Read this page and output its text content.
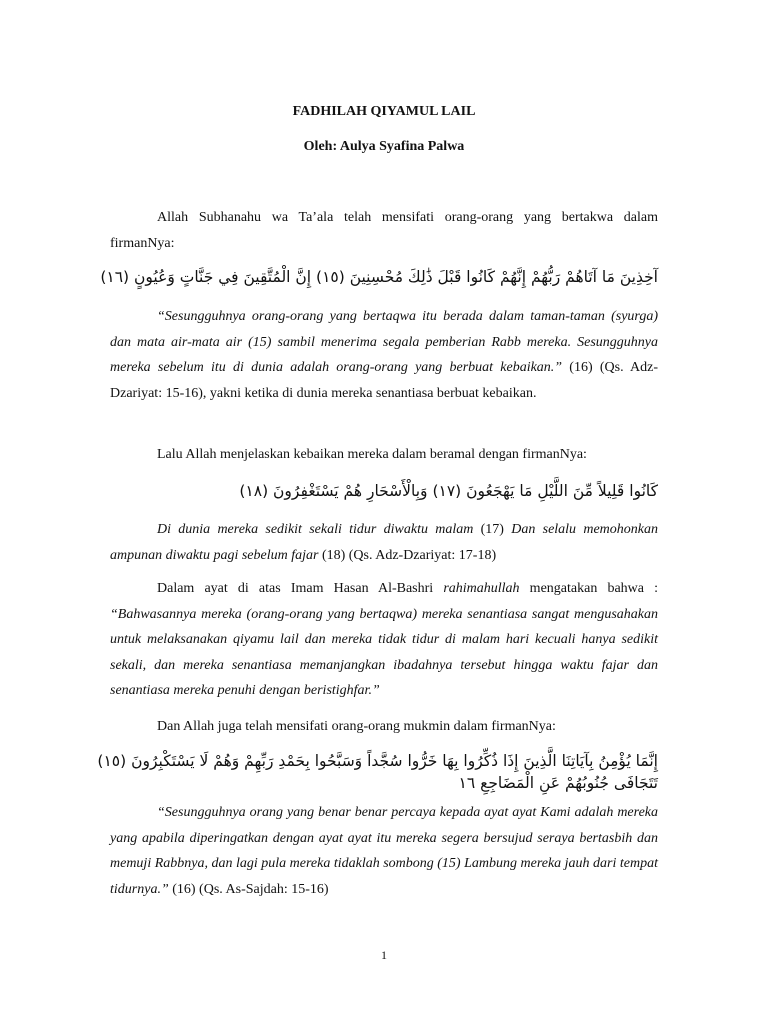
FADHILAH QIYAMUL LAIL
Oleh: Aulya Syafina Palwa
Allah Subhanahu wa Ta’ala telah mensifati orang-orang yang bertakwa dalam firmanNya:
آخِذِينَ مَا آتَاهُمْ رَبُّهُمْ إِنَّهُمْ كَانُوا قَبْلَ ذَٰلِكَ مُحْسِنِينَ (١٥) إِنَّ الْمُتَّقِينَ فِي جَنَّاتٍ وَعُيُونٍ (١٦)
“Sesungguhnya orang-orang yang bertaqwa itu berada dalam taman-taman (syurga) dan mata air-mata air (15) sambil menerima segala pemberian Rabb mereka. Sesungguhnya mereka sebelum itu di dunia adalah orang-orang yang berbuat kebaikan.” (16) (Qs. Adz-Dzariyat: 15-16), yakni ketika di dunia mereka senantiasa berbuat kebaikan.
Lalu Allah menjelaskan kebaikan mereka dalam beramal dengan firmanNya:
كَانُوا قَلِيلاً مِّنَ اللَّيْلِ مَا يَهْجَعُونَ (١٧) وَبِالْأَسْحَارِ هُمْ يَسْتَغْفِرُونَ (١٨)
Di dunia mereka sedikit sekali tidur diwaktu malam (17) Dan selalu memohonkan ampunan diwaktu pagi sebelum fajar (18) (Qs. Adz-Dzariyat: 17-18)
Dalam ayat di atas Imam Hasan Al-Bashri rahimahullah mengatakan bahwa : “Bahwasannya mereka (orang-orang yang bertaqwa) mereka senantiasa sangat mengusahakan untuk melaksanakan qiyamu lail dan mereka tidak tidur di malam hari kecuali hanya sedikit sekali, dan mereka senantiasa memanjangkan ibadahnya tersebut hingga waktu fajar dan senantiasa mereka penuhi dengan beristighfar.”
Dan Allah juga telah mensifati orang-orang mukmin dalam firmanNya:
إِنَّمَا يُؤْمِنُ بِآيَاتِنَا الَّذِينَ إِذَا ذُكِّرُوا بِهَا خَرُّوا سُجَّداً وَسَبَّحُوا بِحَمْدِ رَبِّهِمْ وَهُمْ لَا يَسْتَكْبِرُونَ (١٥)
تَتَجَافَى جُنُوبُهُمْ عَنِ الْمَضَاجِعِ ١٦
“Sesungguhnya orang yang benar benar percaya kepada ayat ayat Kami adalah mereka yang apabila diperingatkan dengan ayat ayat itu mereka segera bersujud seraya bertasbih dan memuji Rabbnya, dan lagi pula mereka tidaklah sombong (15) Lambung mereka jauh dari tempat tidurnya.” (16) (Qs. As-Sajdah: 15-16)
1
